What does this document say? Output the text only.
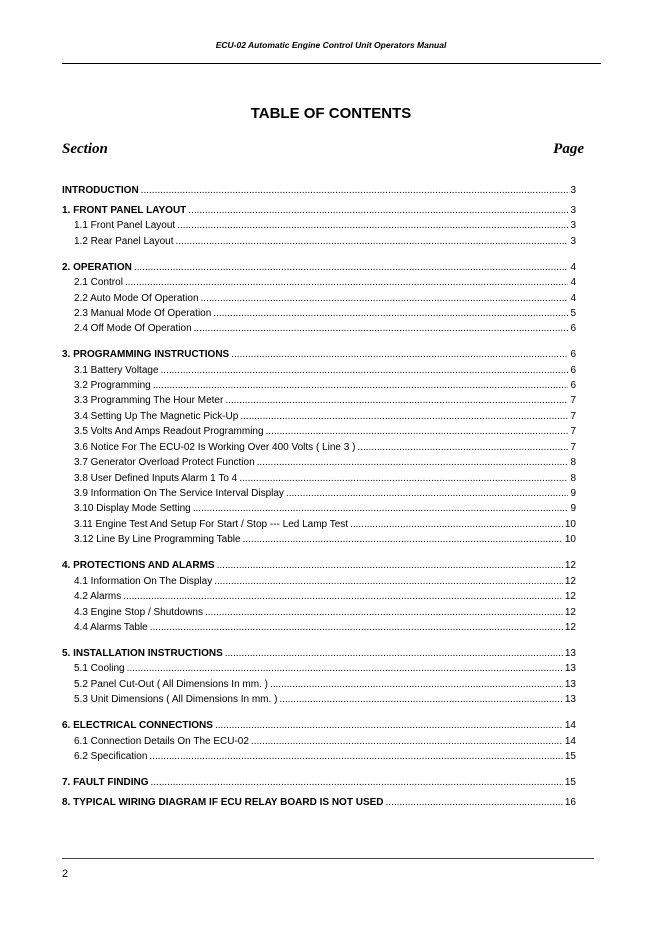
ECU-02 Automatic Engine Control Unit Operators Manual
TABLE OF CONTENTS
Section	Page
INTRODUCTION .....	3
1. FRONT PANEL LAYOUT .....	3
1.1 Front Panel Layout .....	3
1.2 Rear Panel Layout .....	3
2. OPERATION .....	4
2.1 Control .....	4
2.2 Auto Mode Of Operation .....	4
2.3 Manual Mode Of Operation .....	5
2.4 Off Mode Of Operation .....	6
3. PROGRAMMING INSTRUCTIONS .....	6
3.1 Battery Voltage .....	6
3.2 Programming .....	6
3.3 Programming The Hour Meter .....	7
3.4 Setting Up The Magnetic Pick-Up .....	7
3.5 Volts And Amps Readout Programming .....	7
3.6 Notice For The ECU-02 Is Working Over 400 Volts ( Line 3 ) .....	7
3.7 Generator Overload Protect Function .....	8
3.8 User Defined Inputs Alarm 1 To 4 .....	8
3.9 Information On The Service Interval Display .....	9
3.10 Display Mode Setting .....	9
3.11 Engine Test And Setup For Start / Stop --- Led Lamp Test .....	10
3.12 Line By Line Programming Table .....	10
4. PROTECTIONS AND ALARMS .....	12
4.1 Information On The Display .....	12
4.2 Alarms .....	12
4.3 Engine Stop / Shutdowns .....	12
4.4 Alarms Table .....	12
5. INSTALLATION INSTRUCTIONS .....	13
5.1 Cooling .....	13
5.2 Panel Cut-Out ( All Dimensions In mm. ) .....	13
5.3 Unit Dimensions ( All Dimensions In mm. ) .....	13
6. ELECTRICAL CONNECTIONS .....	14
6.1 Connection Details On The ECU-02 .....	14
6.2 Specification .....	15
7. FAULT FINDING .....	15
8. TYPICAL WIRING DIAGRAM IF ECU RELAY BOARD IS NOT USED .....	16
2
